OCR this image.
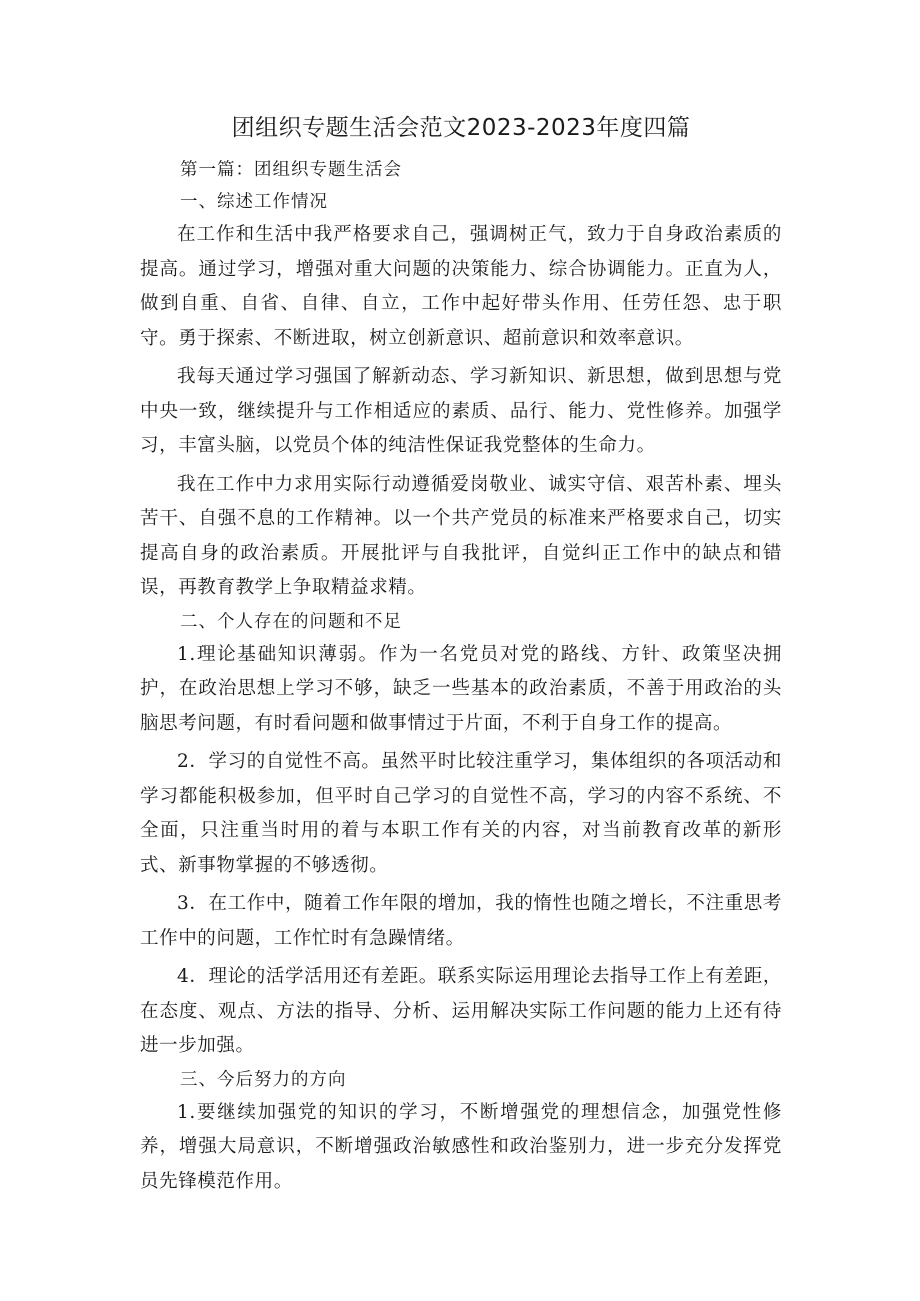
团组织专题生活会范文2023-2023年度四篇

第一篇：团组织专题生活会

一、综述工作情况

在工作和生活中我严格要求自己，强调树正气，致力于自身政治素质的提高。通过学习，增强对重大问题的决策能力、综合协调能力。正直为人，做到自重、自省、自律、自立，工作中起好带头作用、任劳任怨、忠于职守。勇于探索、不断进取，树立创新意识、超前意识和效率意识。

我每天通过学习强国了解新动态、学习新知识、新思想，做到思想与党中央一致，继续提升与工作相适应的素质、品行、能力、党性修养。加强学习，丰富头脑，以党员个体的纯洁性保证我党整体的生命力。

我在工作中力求用实际行动遵循爱岗敬业、诚实守信、艰苦朴素、埋头苦干、自强不息的工作精神。以一个共产党员的标准来严格要求自己，切实提高自身的政治素质。开展批评与自我批评，自觉纠正工作中的缺点和错误，再教育教学上争取精益求精。

二、个人存在的问题和不足

1.理论基础知识薄弱。作为一名党员对党的路线、方针、政策坚决拥护，在政治思想上学习不够，缺乏一些基本的政治素质，不善于用政治的头脑思考问题，有时看问题和做事情过于片面，不利于自身工作的提高。

2．学习的自觉性不高。虽然平时比较注重学习，集体组织的各项活动和学习都能积极参加，但平时自己学习的自觉性不高，学习的内容不系统、不全面，只注重当时用的着与本职工作有关的内容，对当前教育改革的新形式、新事物掌握的不够透彻。

3．在工作中，随着工作年限的增加，我的惰性也随之增长，不注重思考工作中的问题，工作忙时有急躁情绪。

4．理论的活学活用还有差距。联系实际运用理论去指导工作上有差距，在态度、观点、方法的指导、分析、运用解决实际工作问题的能力上还有待进一步加强。

三、今后努力的方向

1.要继续加强党的知识的学习，不断增强党的理想信念，加强党性修养，增强大局意识，不断增强政治敏感性和政治鉴别力，进一步充分发挥党员先锋模范作用。
